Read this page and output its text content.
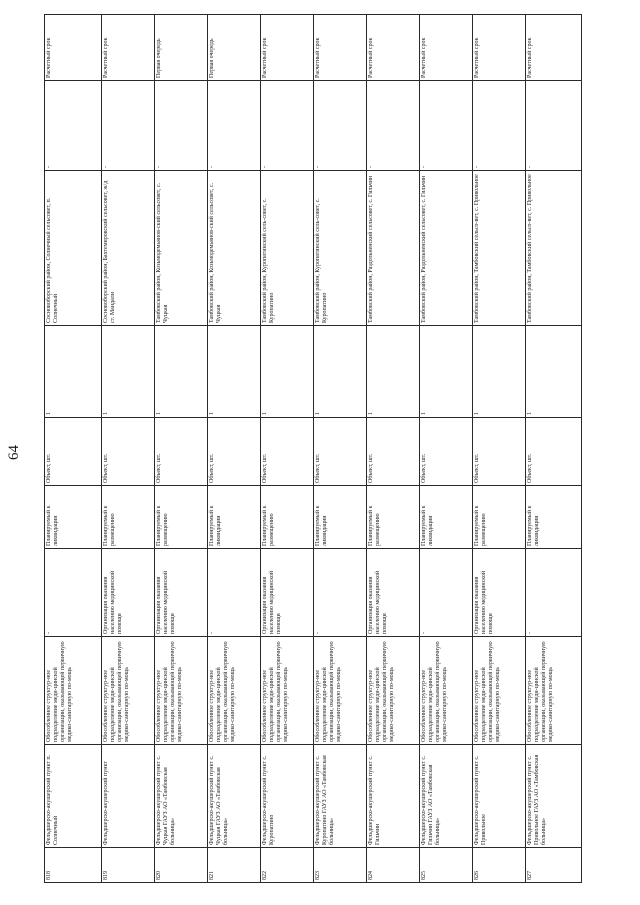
64
818	Фельдшерско-акушерский пункт п. Солнечный	Обособленное структур-ное подразделение меди-цинской организации, оказывающей первичную медико-санитарную по-мощь	-	Планируемый к ликвидации	Объект, шт.	1	Сосновоборский район, Солнечный сельсовет, п. Солнечный	-	Расчетный срок
819	Фельдшерско-акушерский пункт	Обособленное структур-ное подразделение меди-цинской организации, оказывающей первичную медико-санитарную по-мощь	Организация оказания населению медицинской помощи	Планируемый к размещению	Объект, шт.	1	Сосновоборский район, Бахтемировский сельсовет, ж/д ст. Мандали	-	Расчетный срок
820	Фельдшерско-акушерский пункт с. Чуцкая ГАУЗ АО «Тамбовская больница»	Обособленное структур-ное подразделение меди-цинской организации, оказывающей первичную медико-санитарную по-мощь	Организация оказания населению медицинской помощи	Планируемый к размещению	Объект, шт.	1	Тамбовский район, Козьмодемьянов-ский сельсовет, с. Чуцкая	-	Первая очередь
821	Фельдшерско-акушерский пункт с. Чуцкая ГАУЗ АО «Тамбовская больница»	Обособленное структур-ное подразделение меди-цинской организации, оказывающей первичную медико-санитарную по-мощь	-	Планируемый к ликвидации	Объект, шт.	1	Тамбовский район, Козьмодемьянов-ский сельсовет, с. Чуцкая	-	Первая очередь
822	Фельдшерско-акушерский пункт с. Куропатино	Обособленное структур-ное подразделение меди-цинской организации, оказывающей первичную медико-санитарную по-мощь	Организация оказания населению медицинской помощи	Планируемый к размещению	Объект, шт.	1	Тамбовский район, Куропатинский сель-совет, с. Куропатино	-	Расчетный срок
823	Фельдшерско-акушерский пункт с. Куропатино ГАУЗ АО «Тамбовская больница»	Обособленное структур-ное подразделение меди-цинской организации, оказывающей первичную медико-санитарную по-мощь	-	Планируемый к ликвидации	Объект, шт.	1	Тамбовский район, Куропатинский сель-совет, с. Куропатино	-	Расчетный срок
824	Фельдшерско-акушерский пункт с. Гильчин	Обособленное структур-ное подразделение меди-цинской организации, оказывающей первичную медико-санитарную по-мощь	Организация оказания населению медицинской помощи	Планируемый к размещению	Объект, шт.	1	Тамбовский район, Раздольненский сельсовет, с. Гильчин	-	Расчетный срок
825	Фельдшерско-акушерский пункт с. Гильчин ГАУЗ АО «Тамбовская больница»	Обособленное структур-ное подразделение меди-цинской организации, оказывающей первичную медико-санитарную по-мощь	-	Планируемый к ликвидации	Объект, шт.	1	Тамбовский район, Раздольненский сельсовет, с. Гильчин	-	Расчетный срок
826	Фельдшерско-акушерский пункт с. Привольное	Обособленное структур-ное подразделение меди-цинской организации, оказывающей первичную медико-санитарную по-мощь	Организация оказания населению медицинской помощи	Планируемый к размещению	Объект, шт.	1	Тамбовский район, Тамбовский сельсо-вет, с. Привольное	-	Расчетный срок
827	Фельдшерско-акушерский пункт с. Привольное ГАУЗ АО «Тамбовская больница»	Обособленное структур-ное подразделение меди-цинской организации, оказывающей первичную медико-санитарную по-мощь	-	Планируемый к ликвидации	Объект, шт.	1	Тамбовский район, Тамбовский сельсо-вет, с. Привольное	-	Расчетный срок
